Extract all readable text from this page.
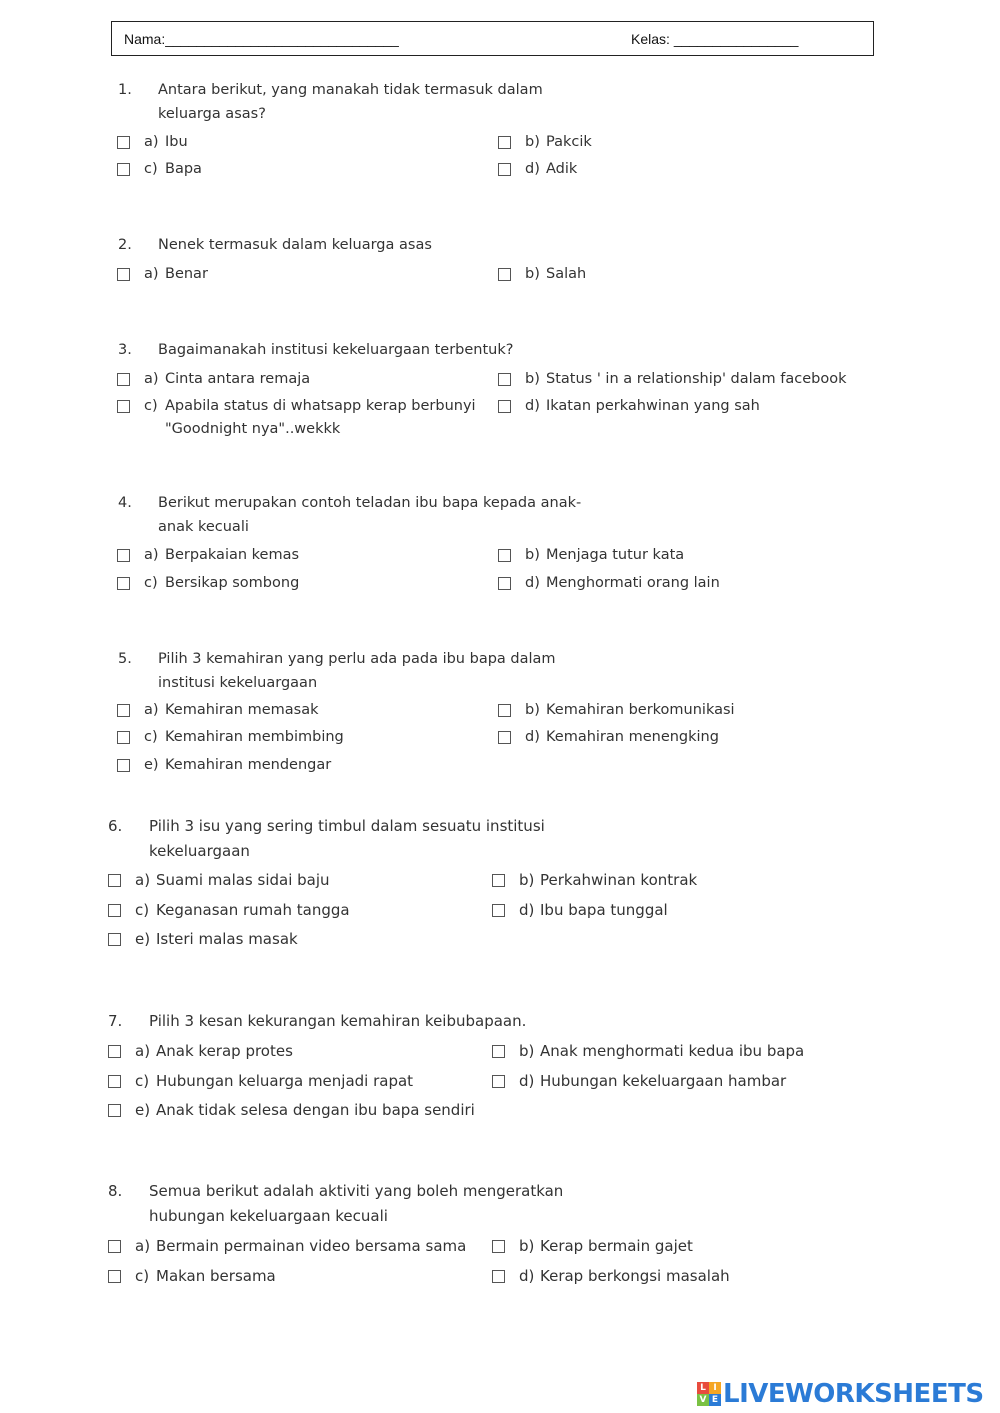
Nama:______________________________	Kelas: ________________
1. Antara berikut, yang manakah tidak termasuk dalam
keluarga asas?
a) Ibu	b) Pakcik
c) Bapa	d) Adik
2. Nenek termasuk dalam keluarga asas
a) Benar	b) Salah
3. Bagaimanakah institusi kekeluargaan terbentuk?
a) Cinta antara remaja	b) Status ' in a relationship' dalam facebook
c) Apabila status di whatsapp kerap berbunyi "Goodnight nya"..wekkk
d) Ikatan perkahwinan yang sah
4. Berikut merupakan contoh teladan ibu bapa kepada anak-
anak kecuali
a) Berpakaian kemas	b) Menjaga tutur kata
c) Bersikap sombong	d) Menghormati orang lain
5. Pilih 3 kemahiran yang perlu ada pada ibu bapa dalam
institusi kekeluargaan
a) Kemahiran memasak	b) Kemahiran berkomunikasi
c) Kemahiran membimbing	d) Kemahiran menengking
e) Kemahiran mendengar
6. Pilih 3 isu yang sering timbul dalam sesuatu institusi
kekeluargaan
a) Suami malas sidai baju	b) Perkahwinan kontrak
c) Keganasan rumah tangga	d) Ibu bapa tunggal
e) Isteri malas masak
7. Pilih 3 kesan kekurangan kemahiran keibubapaan.
a) Anak kerap protes	b) Anak menghormati kedua ibu bapa
c) Hubungan keluarga menjadi rapat	d) Hubungan kekeluargaan hambar
e) Anak tidak selesa dengan ibu bapa sendiri
8. Semua berikut adalah aktiviti yang boleh mengeratkan
hubungan kekeluargaan kecuali
a) Bermain permainan video bersama sama	b) Kerap bermain gajet
c) Makan bersama	d) Kerap berkongsi masalah
L I
V E LIVEWORKSHEETS
